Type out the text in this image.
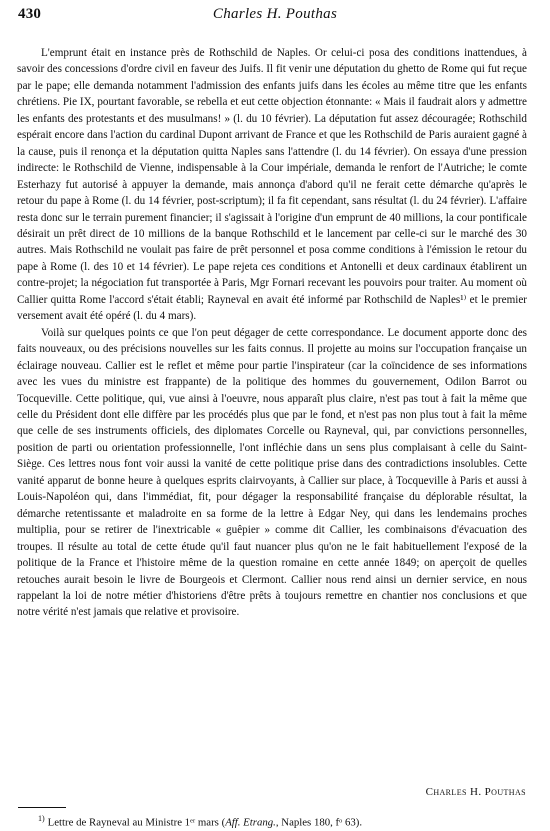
430	Charles H. Pouthas

L'emprunt était en instance près de Rothschild de Naples. Or celui-ci posa des conditions inattendues, à savoir des concessions d'ordre civil en faveur des Juifs. Il fit venir une députation du ghetto de Rome qui fut reçue par le pape; elle demanda notamment l'admission des enfants juifs dans les écoles au même titre que les enfants chrétiens. Pie IX, pourtant favorable, se rebella et eut cette objection étonnante: « Mais il faudrait alors y admettre les enfants des protestants et des musulmans! » (l. du 10 février). La députation fut assez découragée; Rothschild espérait encore dans l'action du cardinal Dupont arrivant de France et que les Rothschild de Paris auraient gagné à la cause, puis il renonça et la députation quitta Naples sans l'attendre (l. du 14 février). On essaya d'une pression indirecte: le Rothschild de Vienne, indispensable à la Cour impériale, demanda le renfort de l'Autriche; le comte Esterhazy fut autorisé à appuyer la demande, mais annonça d'abord qu'il ne ferait cette démarche qu'après le retour du pape à Rome (l. du 14 février, post-scriptum); il fa fit cependant, sans résultat (l. du 24 février). L'affaire resta donc sur le terrain purement financier; il s'agissait à l'origine d'un emprunt de 40 millions, la cour pontificale désirait un prêt direct de 10 millions de la banque Rothschild et le lancement par celle-ci sur le marché des 30 autres. Mais Rothschild ne voulait pas faire de prêt personnel et posa comme conditions à l'émission le retour du pape à Rome (l. des 10 et 14 février). Le pape rejeta ces conditions et Antonelli et deux cardinaux établirent un contre-projet; la négociation fut transportée à Paris, Mgr Fornari recevant les pouvoirs pour traiter. Au moment où Callier quitta Rome l'accord s'était établi; Rayneval en avait été informé par Rothschild de Naples¹⁾ et le premier versement avait été opéré (l. du 4 mars).

Voilà sur quelques points ce que l'on peut dégager de cette correspondance. Le document apporte donc des faits nouveaux, ou des précisions nouvelles sur les faits connus. Il projette au moins sur l'occupation française un éclairage nouveau. Callier est le reflet et même pour partie l'inspirateur (car la coïncidence de ses informations avec les vues du ministre est frappante) de la politique des hommes du gouvernement, Odilon Barrot ou Tocqueville. Cette politique, qui, vue ainsi à l'oeuvre, nous apparaît plus claire, n'est pas tout à fait la même que celle du Président dont elle diffère par les procédés plus que par le fond, et n'est pas non plus tout à fait la même que celle de ses instruments officiels, des diplomates Corcelle ou Rayneval, qui, par convictions personnelles, position de parti ou orientation professionnelle, l'ont infléchie dans un sens plus complaisant à celle du Saint-Siège. Ces lettres nous font voir aussi la vanité de cette politique prise dans des contradictions insolubles. Cette vanité apparut de bonne heure à quelques esprits clairvoyants, à Callier sur place, à Tocqueville à Paris et aussi à Louis-Napoléon qui, dans l'immédiat, fit, pour dégager la responsabilité française du déplorable résultat, la démarche retentissante et maladroite en sa forme de la lettre à Edgar Ney, qui dans les lendemains proches multiplia, pour se retirer de l'inextricable « guêpier » comme dit Callier, les combinaisons d'évacuation des troupes. Il résulte au total de cette étude qu'il faut nuancer plus qu'on ne le fait habituellement l'exposé de la politique de la France et l'histoire même de la question romaine en cette année 1849; on aperçoit de quelles retouches aurait besoin le livre de Bourgeois et Clermont. Callier nous rend ainsi un dernier service, en nous rappelant la loi de notre métier d'historiens d'être prêts à toujours remettre en chantier nos conclusions et que notre vérité n'est jamais que relative et provisoire.

Charles H. Pouthas
$^{1)}$ Lettre de Rayneval au Ministre 1ᵉʳ mars (Aff. Etrang., Naples 180, fᵒ 63).
